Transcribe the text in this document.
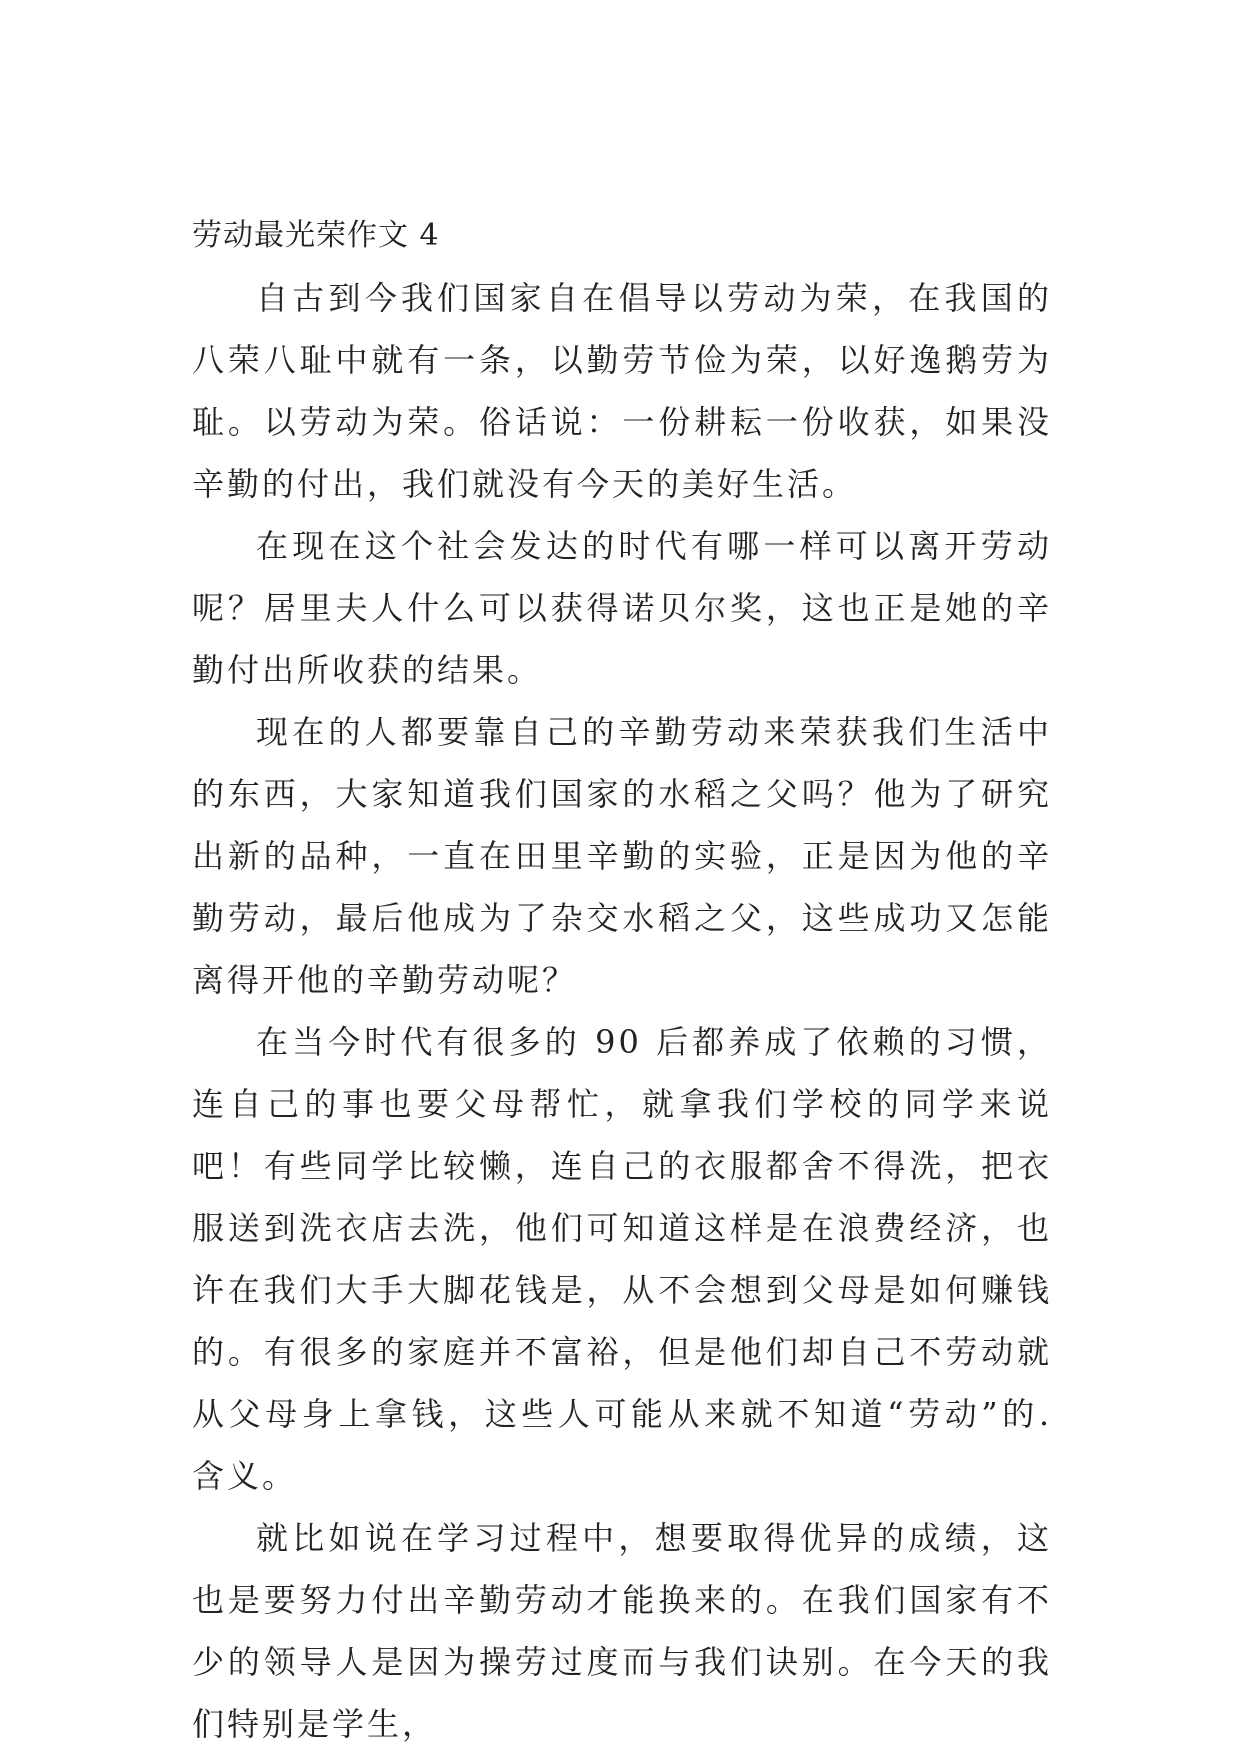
劳动最光荣作文 4

自古到今我们国家自在倡导以劳动为荣，在我国的八荣八耻中就有一条，以勤劳节俭为荣，以好逸鹅劳为耻。以劳动为荣。俗话说：一份耕耘一份收获，如果没辛勤的付出，我们就没有今天的美好生活。

在现在这个社会发达的时代有哪一样可以离开劳动呢？居里夫人什么可以获得诺贝尔奖，这也正是她的辛勤付出所收获的结果。

现在的人都要靠自己的辛勤劳动来荣获我们生活中的东西，大家知道我们国家的水稻之父吗？他为了研究出新的品种，一直在田里辛勤的实验，正是因为他的辛勤劳动，最后他成为了杂交水稻之父，这些成功又怎能离得开他的辛勤劳动呢？

在当今时代有很多的 90 后都养成了依赖的习惯，连自己的事也要父母帮忙，就拿我们学校的同学来说吧！有些同学比较懒，连自己的衣服都舍不得洗，把衣服送到洗衣店去洗，他们可知道这样是在浪费经济，也许在我们大手大脚花钱是，从不会想到父母是如何赚钱的。有很多的家庭并不富裕，但是他们却自己不劳动就从父母身上拿钱，这些人可能从来就不知道“劳动”的. 含义。

就比如说在学习过程中，想要取得优异的成绩，这也是要努力付出辛勤劳动才能换来的。在我们国家有不少的领导人是因为操劳过度而与我们诀别。在今天的我们特别是学生，
